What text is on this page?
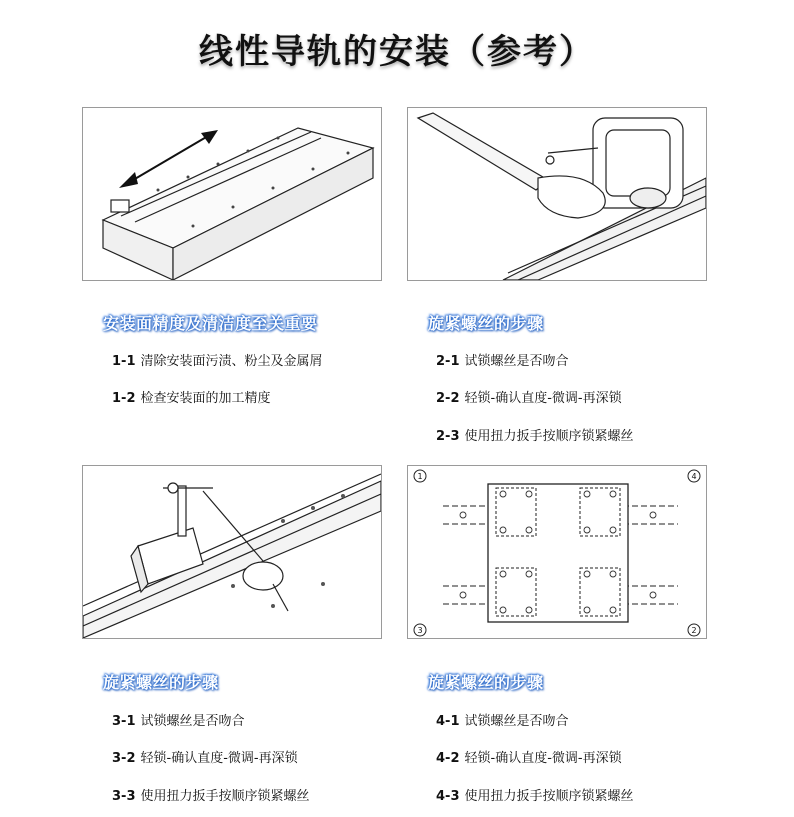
线性导轨的安装（参考）
1	4
3	2
安装面精度及清洁度至关重要
1-1 清除安装面污渍、粉尘及金属屑
1-2 检查安装面的加工精度
旋紧螺丝的步骤
2-1 试锁螺丝是否吻合
2-2 轻锁-确认直度-微调-再深锁
2-3 使用扭力扳手按顺序锁紧螺丝
旋紧螺丝的步骤
3-1 试锁螺丝是否吻合
3-2 轻锁-确认直度-微调-再深锁
3-3 使用扭力扳手按顺序锁紧螺丝
旋紧螺丝的步骤
4-1 试锁螺丝是否吻合
4-2 轻锁-确认直度-微调-再深锁
4-3 使用扭力扳手按顺序锁紧螺丝
